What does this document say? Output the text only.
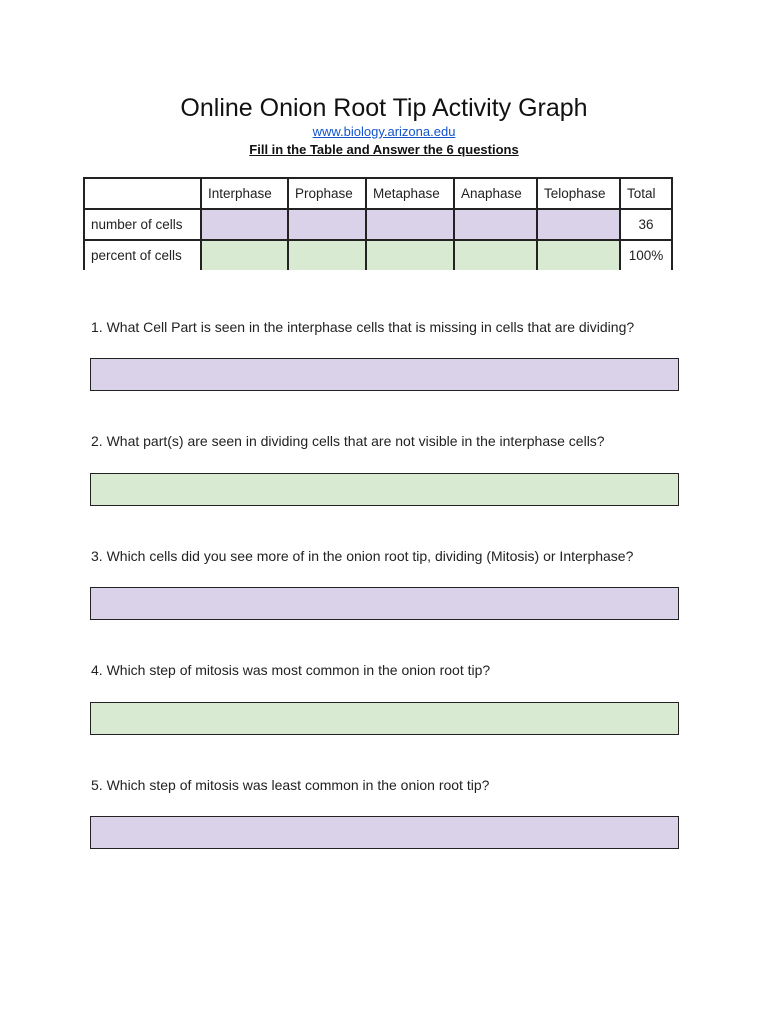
Online Onion Root Tip Activity Graph
www.biology.arizona.edu
Fill in the Table and Answer the 6 questions
	Interphase	Prophase	Metaphase	Anaphase	Telophase	Total
number of cells						36
percent of cells						100%
1. What Cell Part is seen in the interphase cells that is missing in cells that are dividing?
2. What part(s) are seen in dividing cells that are not visible in the interphase cells?
3. Which cells did you see more of in the onion root tip, dividing (Mitosis) or Interphase?
4. Which step of mitosis was most common in the onion root tip?
5. Which step of mitosis was least common in the onion root tip?
